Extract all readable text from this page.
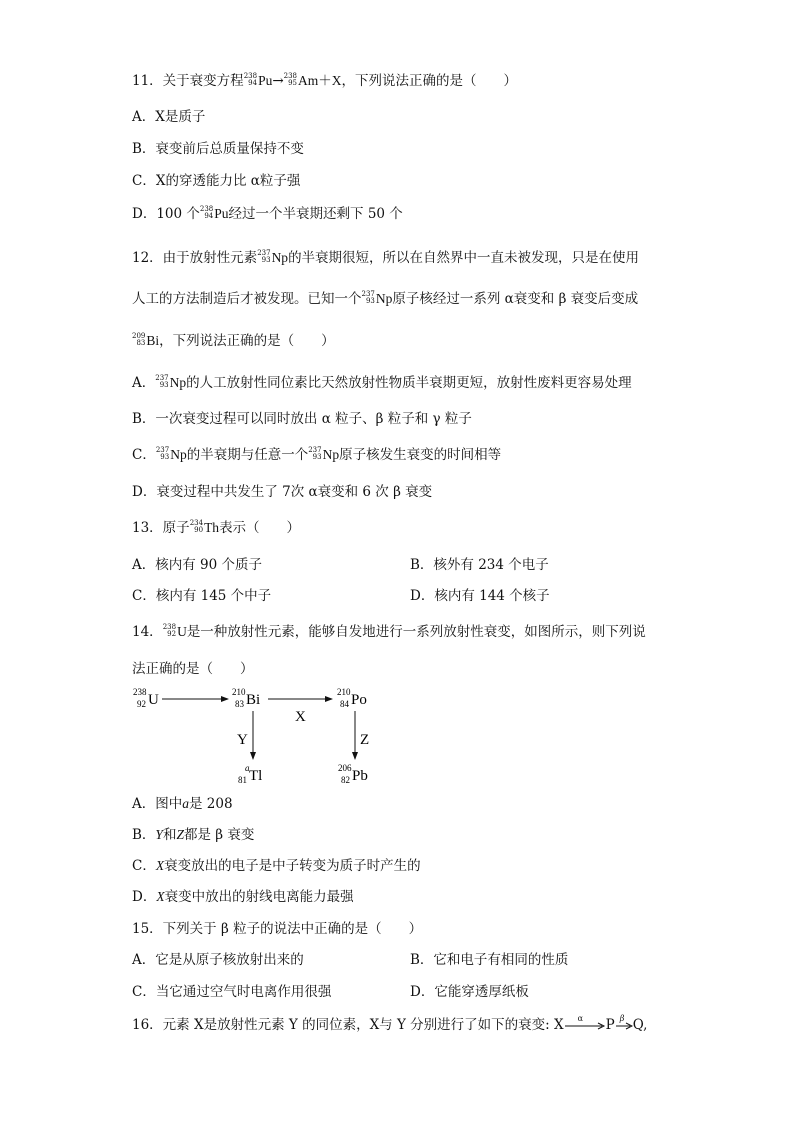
11．关于衰变方程 238
94 Pu→ 238
95 Am＋X，下列说法正确的是（　　）
A．X是质子
B．衰变前后总质量保持不变
C．X的穿透能力比 α粒子强
D．100 个 238
94 Pu经过一个半衰期还剩下 50 个
12．由于放射性元素 237
93 Np的半衰期很短，所以在自然界中一直未被发现，只是在使用
人工的方法制造后才被发现。已知一个 237
93 Np原子核经过一系列 α衰变和 β 衰变后变成
209
83 Bi，下列说法正确的是（　　）
A． 237
93 Np的人工放射性同位素比天然放射性物质半衰期更短，放射性废料更容易处理
B．一次衰变过程可以同时放出 α 粒子、β 粒子和 γ 粒子
C． 237
93 Np的半衰期与任意一个 237
93 Np原子核发生衰变的时间相等
D．衰变过程中共发生了 7次 α衰变和 6 次 β 衰变
13．原子 234
90 Th表示（　　）
A．核内有 90 个质子	B．核外有 234 个电子
C．核内有 145 个中子	D．核内有 144 个核子
14． 238
92 U是一种放射性元素，能够自发地进行一系列放射性衰变，如图所示，则下列说
法正确的是（　　）
238
92 U	210
83 Bi
X
210
84 Po
Y	Z
a
81 Tl	206
82 Pb
A．图中a是 208
B．Y和Z都是 β 衰变
C．X衰变放出的电子是中子转变为质子时产生的
D．X衰变中放出的射线电离能力最强
15．下列关于 β 粒子的说法中正确的是（　　）
A．它是从原子核放射出来的	B．它和电子有相同的性质
C．当它通过空气时电离作用很强	D．它能穿透厚纸板
16．元素 X是放射性元素 Y 的同位素，X与 Y 分别进行了如下的衰变: X α P β Q,
